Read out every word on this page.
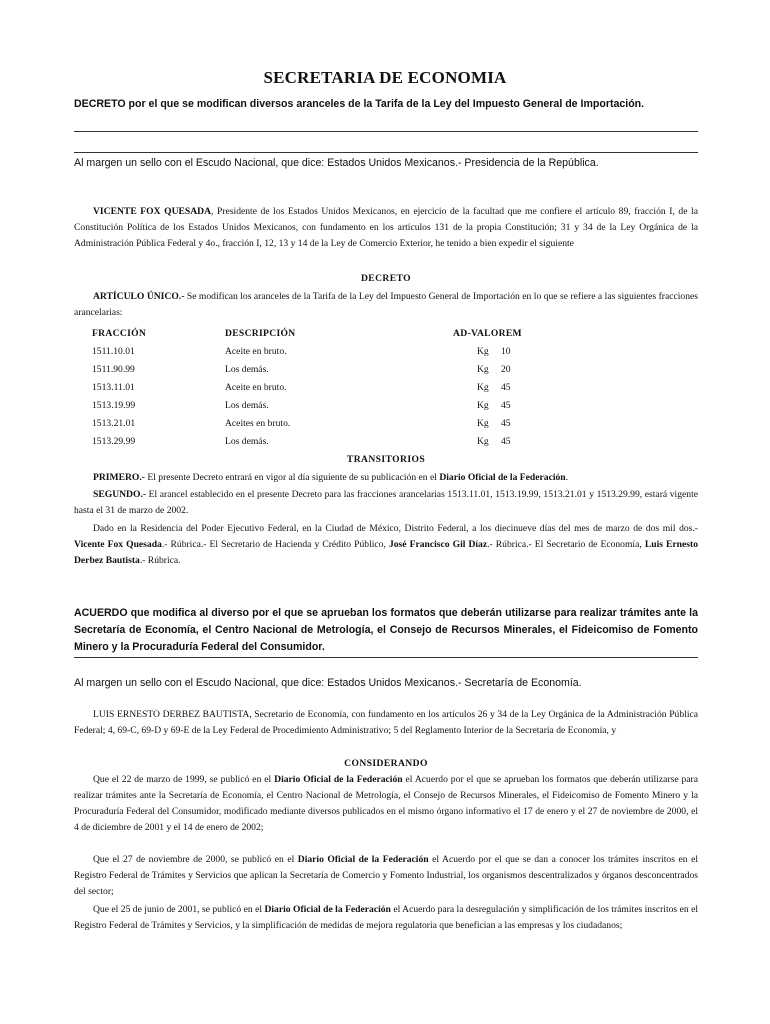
SECRETARIA DE ECONOMIA

DECRETO por el que se modifican diversos aranceles de la Tarifa de la Ley del Impuesto General de Importación.

Al margen un sello con el Escudo Nacional, que dice: Estados Unidos Mexicanos.- Presidencia de la República.

VICENTE FOX QUESADA, Presidente de los Estados Unidos Mexicanos, en ejercicio de la facultad que me confiere el artículo 89, fracción I, de la Constitución Política de los Estados Unidos Mexicanos, con fundamento en los artículos 131 de la propia Constitución; 31 y 34 de la Ley Orgánica de la Administración Pública Federal y 4o., fracción I, 12, 13 y 14 de la Ley de Comercio Exterior, he tenido a bien expedir el siguiente

DECRETO

ARTÍCULO ÚNICO.- Se modifican los aranceles de la Tarifa de la Ley del Impuesto General de Importación en lo que se refiere a las siguientes fracciones arancelarias:

FRACCIÓN	DESCRIPCIÓN	AD-VALOREM
1511.10.01	Aceite en bruto.	Kg 10
1511.90.99	Los demás.	Kg 20
1513.11.01	Aceite en bruto.	Kg 45
1513.19.99	Los demás.	Kg 45
1513.21.01	Aceites en bruto.	Kg 45
1513.29.99	Los demás.	Kg 45

TRANSITORIOS

PRIMERO.- El presente Decreto entrará en vigor al día siguiente de su publicación en el Diario Oficial de la Federación.

SEGUNDO.- El arancel establecido en el presente Decreto para las fracciones arancelarias 1513.11.01, 1513.19.99, 1513.21.01 y 1513.29.99, estará vigente hasta el 31 de marzo de 2002.

Dado en la Residencia del Poder Ejecutivo Federal, en la Ciudad de México, Distrito Federal, a los diecinueve días del mes de marzo de dos mil dos.- Vicente Fox Quesada.- Rúbrica.- El Secretario de Hacienda y Crédito Público, José Francisco Gil Díaz.- Rúbrica.- El Secretario de Economía, Luis Ernesto Derbez Bautista.- Rúbrica.

ACUERDO que modifica al diverso por el que se aprueban los formatos que deberán utilizarse para realizar trámites ante la Secretaría de Economía, el Centro Nacional de Metrología, el Consejo de Recursos Minerales, el Fideicomiso de Fomento Minero y la Procuraduría Federal del Consumidor.

Al margen un sello con el Escudo Nacional, que dice: Estados Unidos Mexicanos.- Secretaría de Economía.

LUIS ERNESTO DERBEZ BAUTISTA, Secretario de Economía, con fundamento en los artículos 26 y 34 de la Ley Orgánica de la Administración Pública Federal; 4, 69-C, 69-D y 69-E de la Ley Federal de Procedimiento Administrativo; 5 del Reglamento Interior de la Secretaría de Economía, y

CONSIDERANDO

Que el 22 de marzo de 1999, se publicó en el Diario Oficial de la Federación el Acuerdo por el que se aprueban los formatos que deberán utilizarse para realizar trámites ante la Secretaría de Economía, el Centro Nacional de Metrología, el Consejo de Recursos Minerales, el Fideicomiso de Fomento Minero y la Procuraduría Federal del Consumidor, modificado mediante diversos publicados en el mismo órgano informativo el 17 de enero y el 27 de noviembre de 2000, el 4 de diciembre de 2001 y el 14 de enero de 2002;

Que el 27 de noviembre de 2000, se publicó en el Diario Oficial de la Federación el Acuerdo por el que se dan a conocer los trámites inscritos en el Registro Federal de Trámites y Servicios que aplican la Secretaría de Comercio y Fomento Industrial, los organismos descentralizados y órganos desconcentrados del sector;

Que el 25 de junio de 2001, se publicó en el Diario Oficial de la Federación el Acuerdo para la desregulación y simplificación de los trámites inscritos en el Registro Federal de Trámites y Servicios, y la simplificación de medidas de mejora regulatoria que benefician a las empresas y los ciudadanos;
